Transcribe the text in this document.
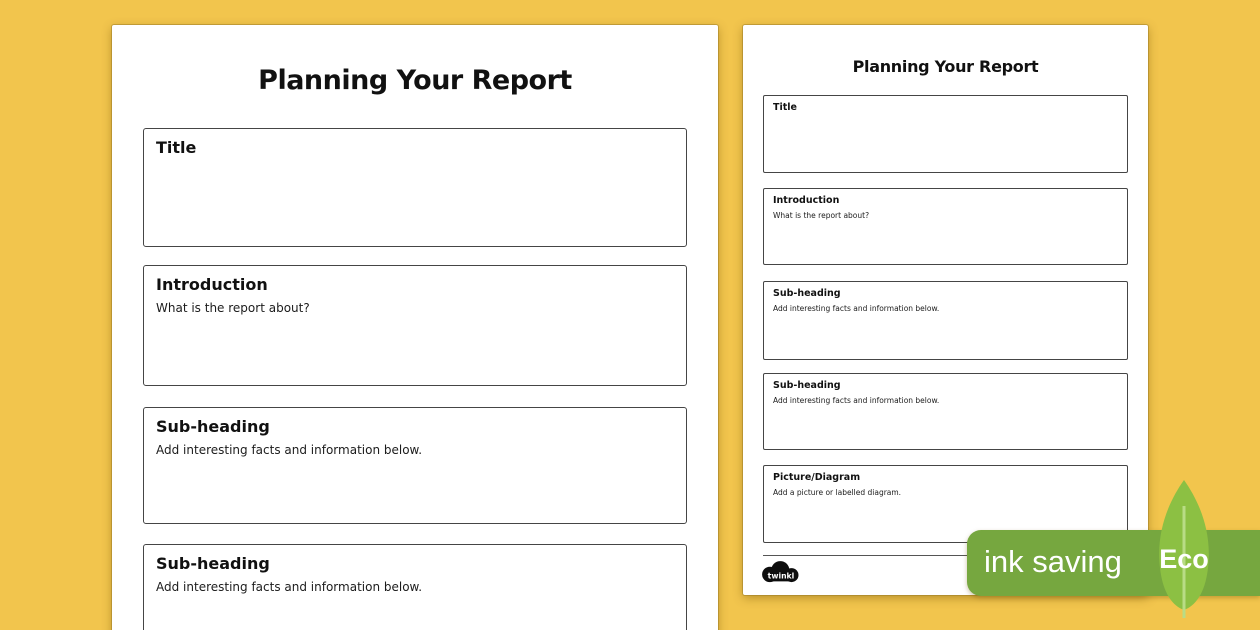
Planning Your Report
Title
Introduction
What is the report about?
Sub-heading
Add interesting facts and information below.
Sub-heading
Add interesting facts and information below.
Planning Your Report
Title
Introduction
What is the report about?
Sub-heading
Add interesting facts and information below.
Sub-heading
Add interesting facts and information below.
Picture/Diagram
Add a picture or labelled diagram.
twinkl	ink saving	Eco
